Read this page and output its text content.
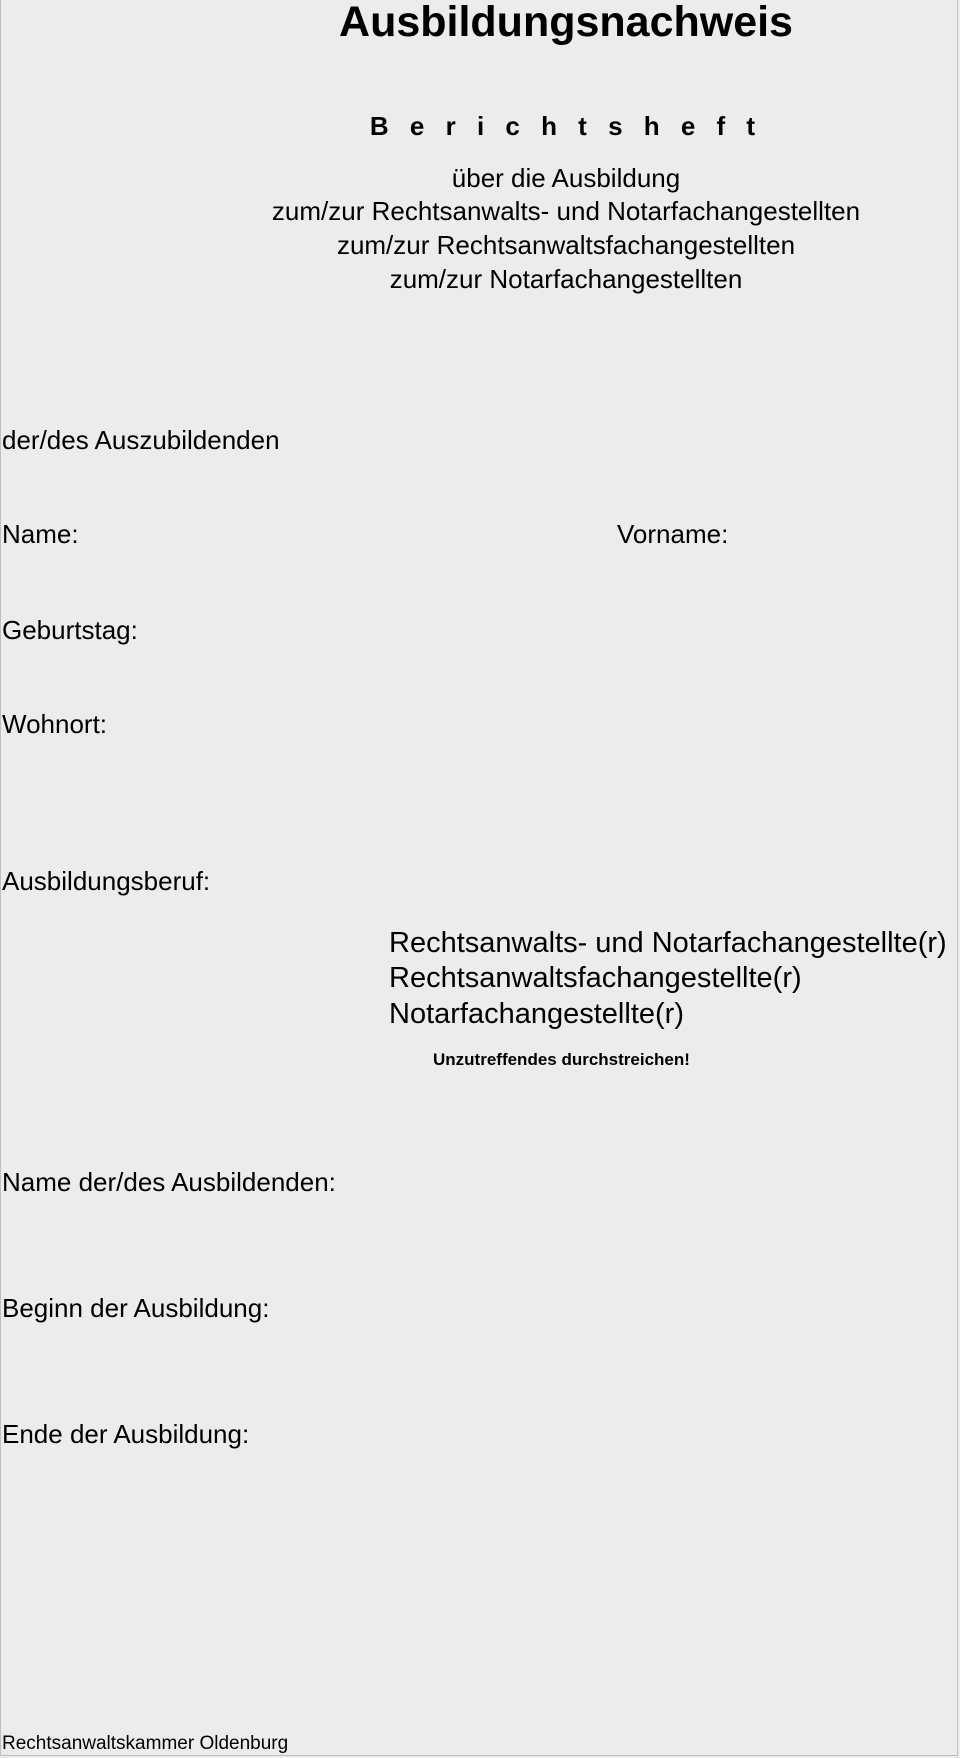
Ausbildungsnachweis
B e r i c h t s h e f t
über die Ausbildung
zum/zur Rechtsanwalts- und Notarfachangestellten
zum/zur Rechtsanwaltsfachangestellten
zum/zur Notarfachangestellten
der/des Auszubildenden
Name:	Vorname:
Geburtstag:
Wohnort:
Ausbildungsberuf:
Rechtsanwalts- und Notarfachangestellte(r)
Rechtsanwaltsfachangestellte(r)
Notarfachangestellte(r)
Unzutreffendes durchstreichen!
Name der/des Ausbildenden:
Beginn der Ausbildung:
Ende der Ausbildung:
Rechtsanwaltskammer Oldenburg
